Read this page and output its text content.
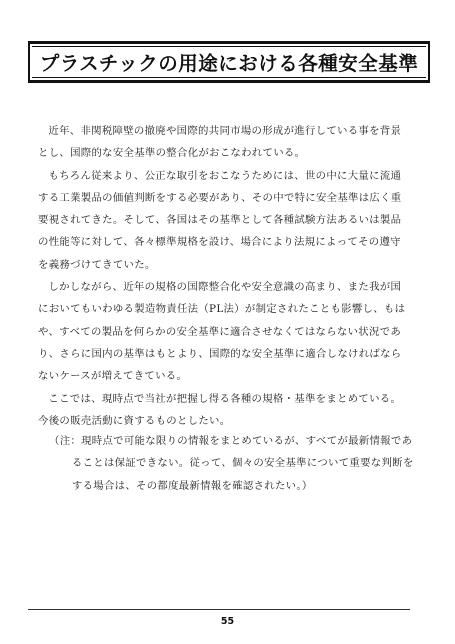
プラスチックの用途における各種安全基準

近年、非関税障壁の撤廃や国際的共同市場の形成が進行している事を背景とし、国際的な安全基準の整合化がおこなわれている。

もちろん従来より、公正な取引をおこなうためには、世の中に大量に流通する工業製品の価値判断をする必要があり、その中で特に安全基準は広く重要視されてきた。そして、各国はその基準として各種試験方法あるいは製品の性能等に対して、各々標準規格を設け、場合により法規によってその遵守を義務づけてきていた。

しかしながら、近年の規格の国際整合化や安全意識の高まり、また我が国においてもいわゆる製造物責任法（PL法）が制定されたことも影響し、もはや、すべての製品を何らかの安全基準に適合させなくてはならない状況であり、さらに国内の基準はもとより、国際的な安全基準に適合しなければならないケースが増えてきている。

ここでは、現時点で当社が把握し得る各種の規格・基準をまとめている。今後の販売活動に資するものとしたい。

（注：現時点で可能な限りの情報をまとめているが、すべてが最新情報であることは保証できない。従って、個々の安全基準について重要な判断をする場合は、その都度最新情報を確認されたい。）
55
